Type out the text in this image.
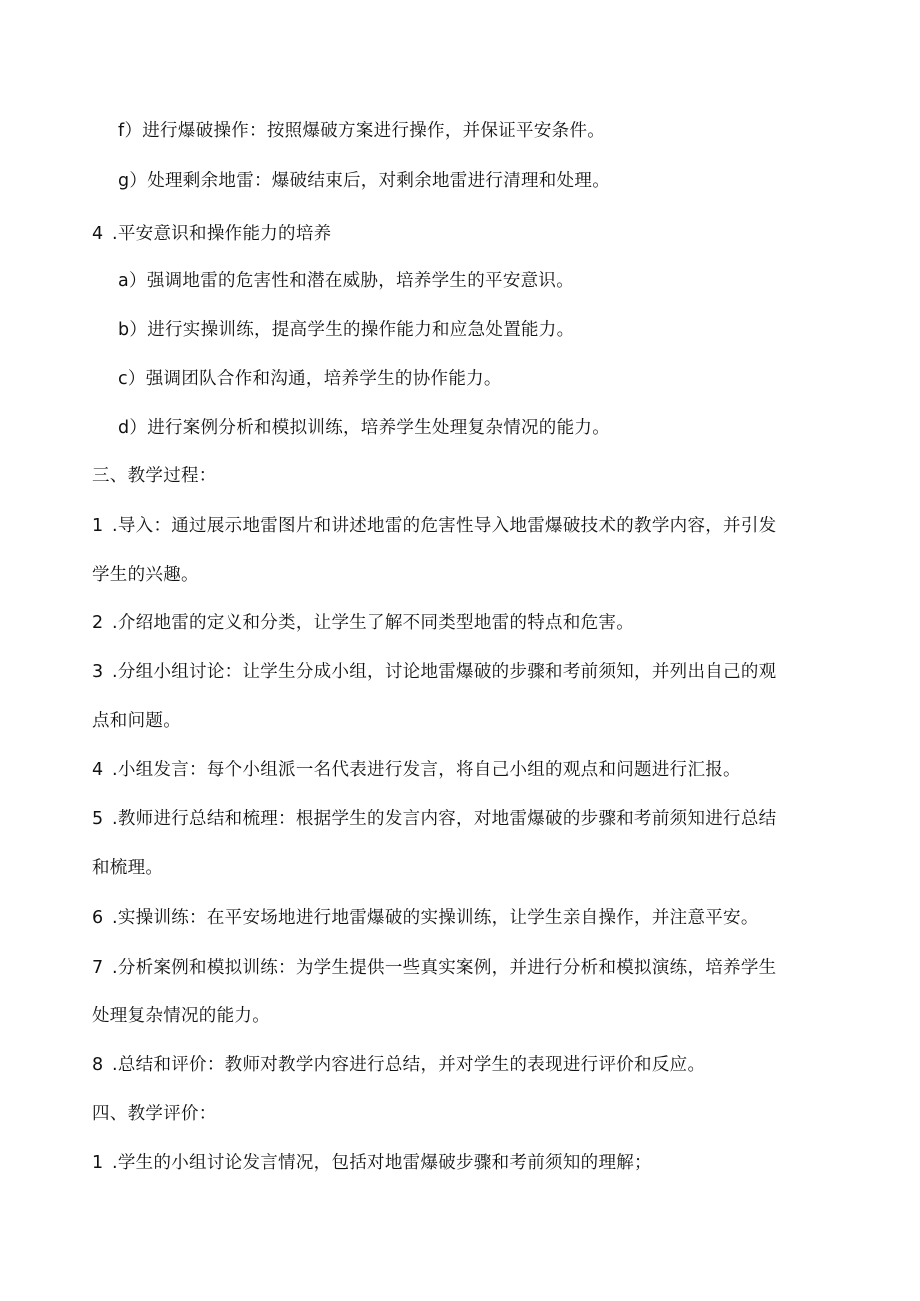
f）进行爆破操作：按照爆破方案进行操作，并保证平安条件。
g）处理剩余地雷：爆破结束后，对剩余地雷进行清理和处理。
4 .平安意识和操作能力的培养
a）强调地雷的危害性和潜在威胁，培养学生的平安意识。
b）进行实操训练，提高学生的操作能力和应急处置能力。
c）强调团队合作和沟通，培养学生的协作能力。
d）进行案例分析和模拟训练，培养学生处理复杂情况的能力。
三、教学过程：
1 .导入：通过展示地雷图片和讲述地雷的危害性导入地雷爆破技术的教学内容，并引发
学生的兴趣。
2 .介绍地雷的定义和分类，让学生了解不同类型地雷的特点和危害。
3 .分组小组讨论：让学生分成小组，讨论地雷爆破的步骤和考前须知，并列出自己的观
点和问题。
4 .小组发言：每个小组派一名代表进行发言，将自己小组的观点和问题进行汇报。
5 .教师进行总结和梳理：根据学生的发言内容，对地雷爆破的步骤和考前须知进行总结
和梳理。
6 .实操训练：在平安场地进行地雷爆破的实操训练，让学生亲自操作，并注意平安。
7 .分析案例和模拟训练：为学生提供一些真实案例，并进行分析和模拟演练，培养学生
处理复杂情况的能力。
8 .总结和评价：教师对教学内容进行总结，并对学生的表现进行评价和反应。
四、教学评价：
1 .学生的小组讨论发言情况，包括对地雷爆破步骤和考前须知的理解；
